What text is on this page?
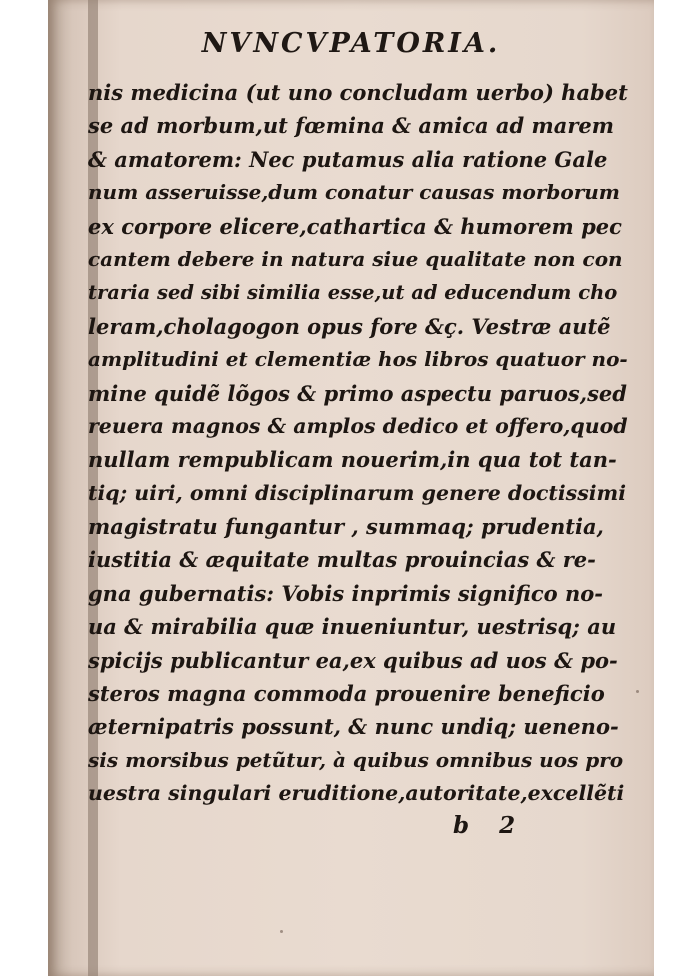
NVNCVPATORIA.
nis medicina (ut uno concludam uerbo) habet
se ad morbum,ut fœmina & amica ad marem
& amatorem: Nec putamus alia ratione Gale
num asseruisse,dum conatur causas morborum
ex corpore elicere,cathartica & humorem pec
cantem debere in natura siue qualitate non con
traria sed sibi similia esse,ut ad educendum cho
leram,cholagogon opus fore &ç. Vestræ autẽ
amplitudini et clementiæ hos libros quatuor no-
mine quidẽ lõgos & primo aspectu paruos,sed
reuera magnos & amplos dedico et offero,quod
nullam rempublicam nouerim,in qua tot tan-
tiq; uiri, omni disciplinarum genere doctissimi
magistratu fungantur , summaq; prudentia,
iustitia & æquitate multas prouincias & re-
gna gubernatis: Vobis inprimis significo no-
ua & mirabilia quæ inueniuntur, uestrisq; au
spicijs publicantur ea,ex quibus ad uos & po-
steros magna commoda prouenire beneficio
æternipatris possunt, & nunc undiq; ueneno-
sis morsibus petũtur, à quibus omnibus uos pro
uestra singulari eruditione,autoritate,excellẽti
b 2
